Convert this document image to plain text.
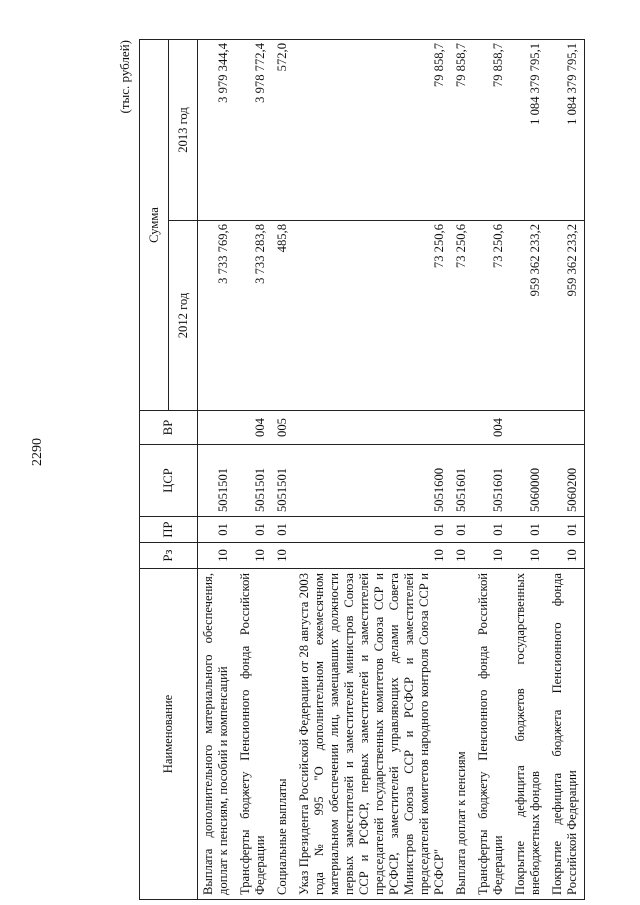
2290
(тыс. рублей)
Наименование	Рз	ПР	ЦСР	ВР	Сумма	
					2012 год	2013 год
Выплата дополнительного материального обеспечения, доплат к пенсиям, пособий и компенсаций	10	01	5051501		3 733 769,6	3 979 344,4
Трансферты бюджету Пенсионного фонда Российской Федерации	10	01	5051501	004	3 733 283,8	3 978 772,4
Социальные выплаты	10	01	5051501	005	485,8	572,0
Указ Президента Российской Федерации от 28 августа 2003 года № 995 "О дополнительном ежемесячном материальном обеспечении лиц, замещавших должности первых заместителей и заместителей министров Союза ССР и РСФСР, первых заместителей и заместителей председателей государственных комитетов Союза ССР и РСФСР, заместителей управляющих делами Совета Министров Союза ССР и РСФСР и заместителей председателей комитетов народного контроля Союза ССР и РСФСР"	10	01	5051600		73 250,6	79 858,7
Выплата доплат к пенсиям	10	01	5051601		73 250,6	79 858,7
Трансферты бюджету Пенсионного фонда Российской Федерации	10	01	5051601	004	73 250,6	79 858,7
Покрытие дефицита бюджетов государственных внебюджетных фондов	10	01	5060000		959 362 233,2	1 084 379 795,1
Покрытие дефицита бюджета Пенсионного фонда Российской Федерации	10	01	5060200		959 362 233,2	1 084 379 795,1
